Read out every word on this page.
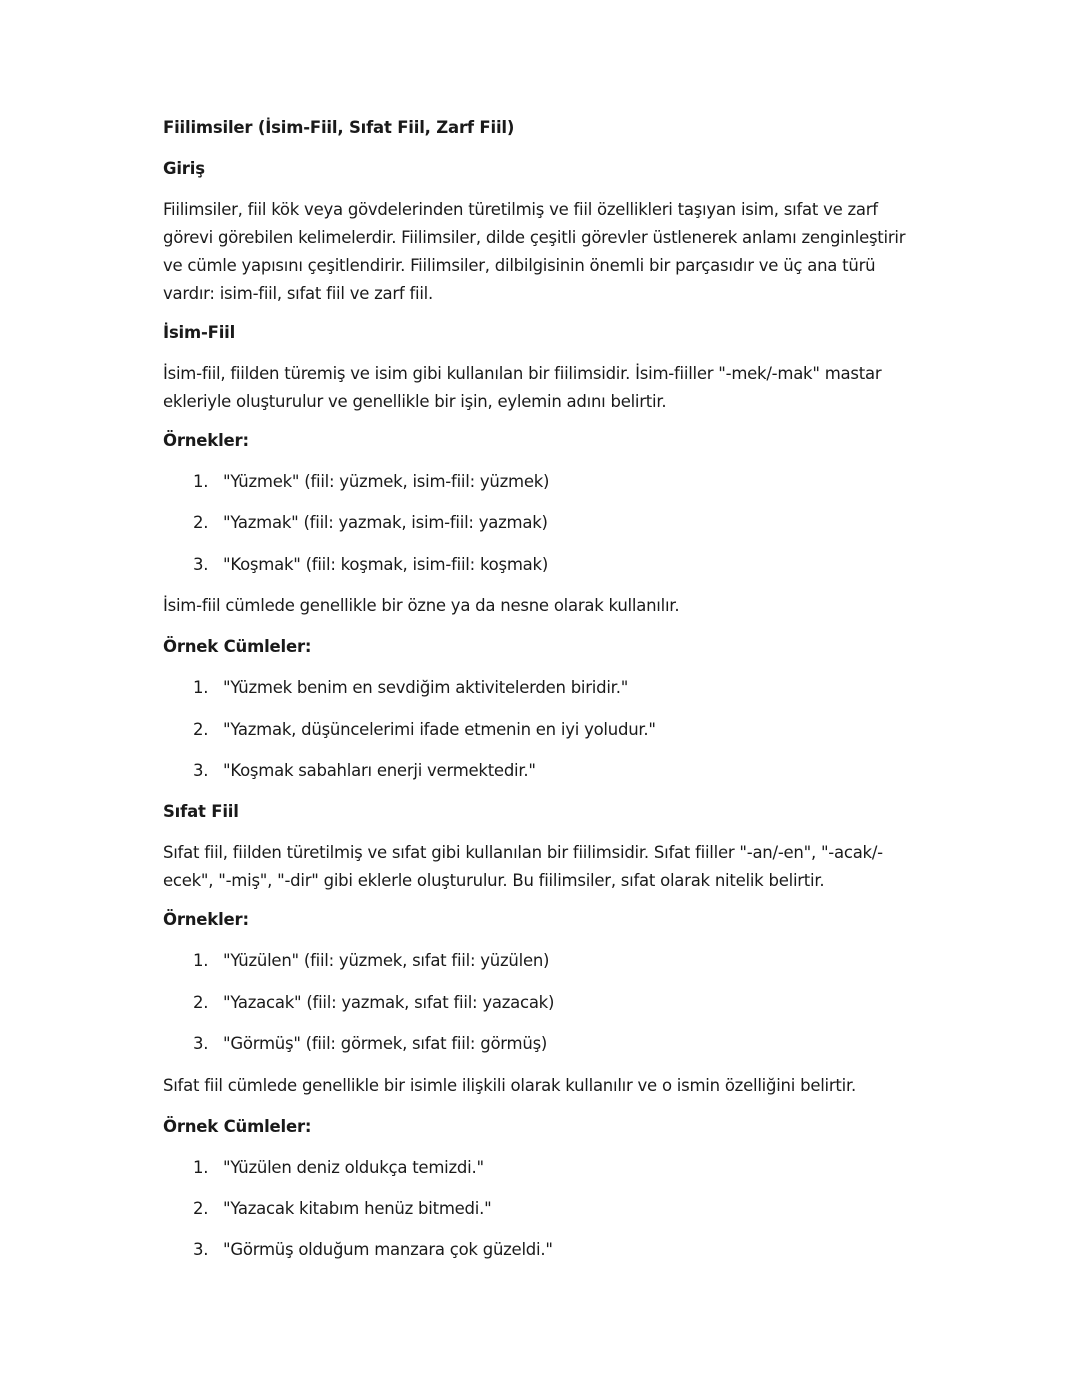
Fiilimsiler (İsim-Fiil, Sıfat Fiil, Zarf Fiil)
Giriş

Fiilimsiler, fiil kök veya gövdelerinden türetilmiş ve fiil özellikleri taşıyan isim, sıfat ve zarf görevi görebilen kelimelerdir. Fiilimsiler, dilde çeşitli görevler üstlenerek anlamı zenginleştirir ve cümle yapısını çeşitlendirir. Fiilimsiler, dilbilgisinin önemli bir parçasıdır ve üç ana türü vardır: isim-fiil, sıfat fiil ve zarf fiil.

İsim-Fiil

İsim-fiil, fiilden türemiş ve isim gibi kullanılan bir fiilimsidir. İsim-fiiller "-mek/-mak" mastar ekleriyle oluşturulur ve genellikle bir işin, eylemin adını belirtir.

Örnekler:
1. "Yüzmek" (fiil: yüzmek, isim-fiil: yüzmek)
2. "Yazmak" (fiil: yazmak, isim-fiil: yazmak)
3. "Koşmak" (fiil: koşmak, isim-fiil: koşmak)
İsim-fiil cümlede genellikle bir özne ya da nesne olarak kullanılır.
Örnek Cümleler:
1. "Yüzmek benim en sevdiğim aktivitelerden biridir."
2. "Yazmak, düşüncelerimi ifade etmenin en iyi yoludur."
3. "Koşmak sabahları enerji vermektedir."
Sıfat Fiil

Sıfat fiil, fiilden türetilmiş ve sıfat gibi kullanılan bir fiilimsidir. Sıfat fiiller "-an/-en", "-acak/-ecek", "-miş", "-dir" gibi eklerle oluşturulur. Bu fiilimsiler, sıfat olarak nitelik belirtir.

Örnekler:
1. "Yüzülen" (fiil: yüzmek, sıfat fiil: yüzülen)
2. "Yazacak" (fiil: yazmak, sıfat fiil: yazacak)
3. "Görmüş" (fiil: görmek, sıfat fiil: görmüş)
Sıfat fiil cümlede genellikle bir isimle ilişkili olarak kullanılır ve o ismin özelliğini belirtir.
Örnek Cümleler:
1. "Yüzülen deniz oldukça temizdi."
2. "Yazacak kitabım henüz bitmedi."
3. "Görmüş olduğum manzara çok güzeldi."
